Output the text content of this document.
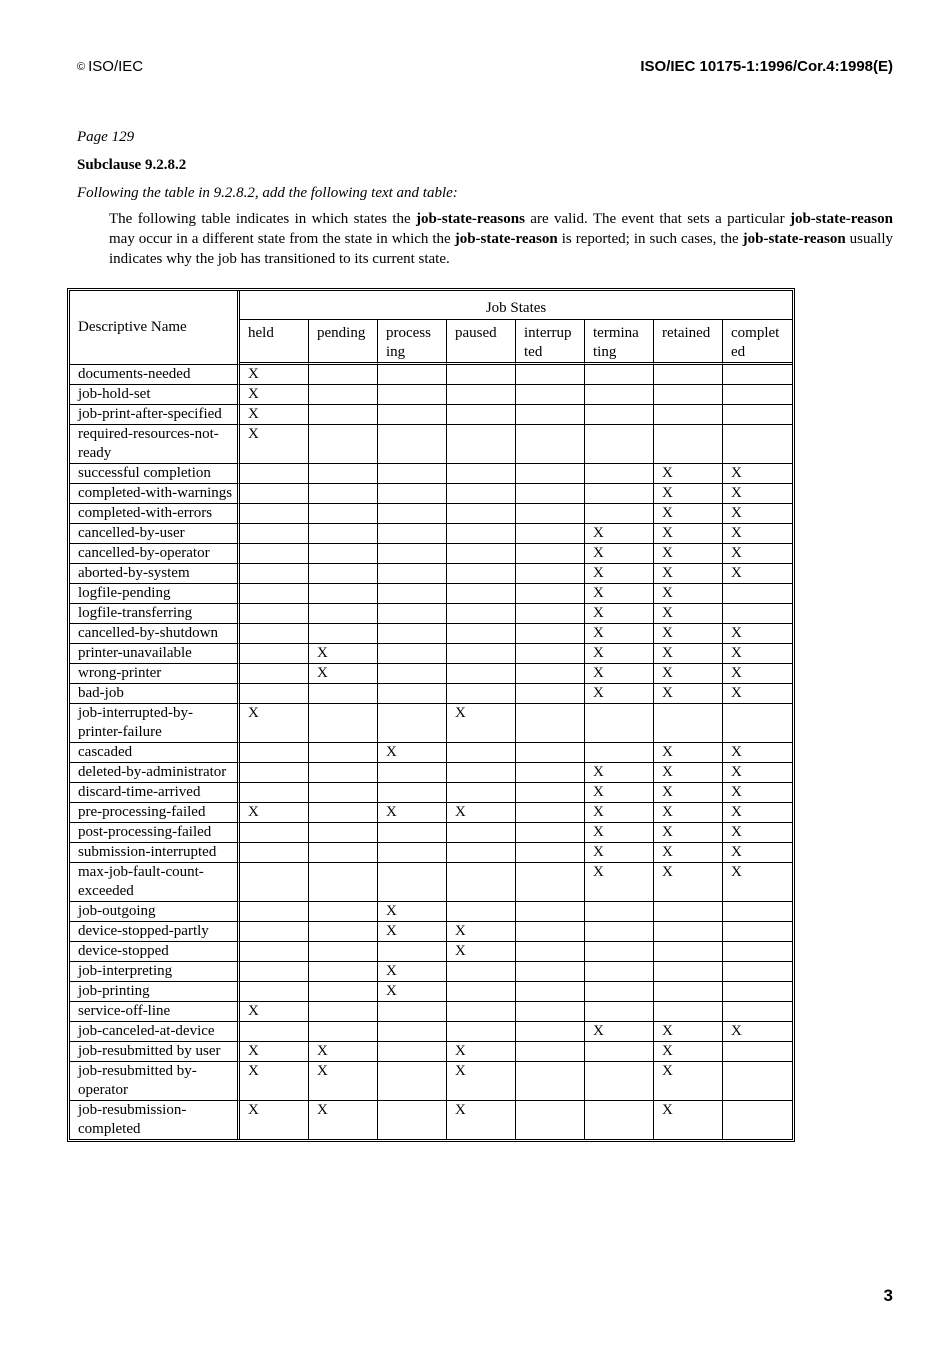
© ISO/IEC	ISO/IEC 10175-1:1996/Cor.4:1998(E)
Page 129
Subclause 9.2.8.2
Following the table in 9.2.8.2, add the following text and table:
The following table indicates in which states the job-state-reasons are valid. The event that sets a particular job-state-reason may occur in a different state from the state in which the job-state-reason is reported; in such cases, the job-state-reason usually indicates why the job has transitioned to its current state.
Descriptive Name	Job States							
	held	pending	process ing	paused	interrup ted	termina ting	retained	complet ed
documents-needed	X							
job-hold-set	X							
job-print-after-specified	X							
required-resources-not-ready	X							
successful completion							X	X
completed-with-warnings							X	X
completed-with-errors							X	X
cancelled-by-user						X	X	X
cancelled-by-operator						X	X	X
aborted-by-system						X	X	X
logfile-pending						X	X	
logfile-transferring						X	X	
cancelled-by-shutdown						X	X	X
printer-unavailable		X				X	X	X
wrong-printer		X				X	X	X
bad-job						X	X	X
job-interrupted-by-printer-failure	X			X				
cascaded			X				X	X
deleted-by-administrator						X	X	X
discard-time-arrived						X	X	X
pre-processing-failed	X		X	X		X	X	X
post-processing-failed						X	X	X
submission-interrupted						X	X	X
max-job-fault-count-exceeded						X	X	X
job-outgoing			X					
device-stopped-partly			X	X				
device-stopped				X				
job-interpreting			X					
job-printing			X					
service-off-line	X							
job-canceled-at-device						X	X	X
job-resubmitted by user	X	X		X			X	
job-resubmitted by-operator	X	X		X			X	
job-resubmission-completed	X	X		X			X	
3
